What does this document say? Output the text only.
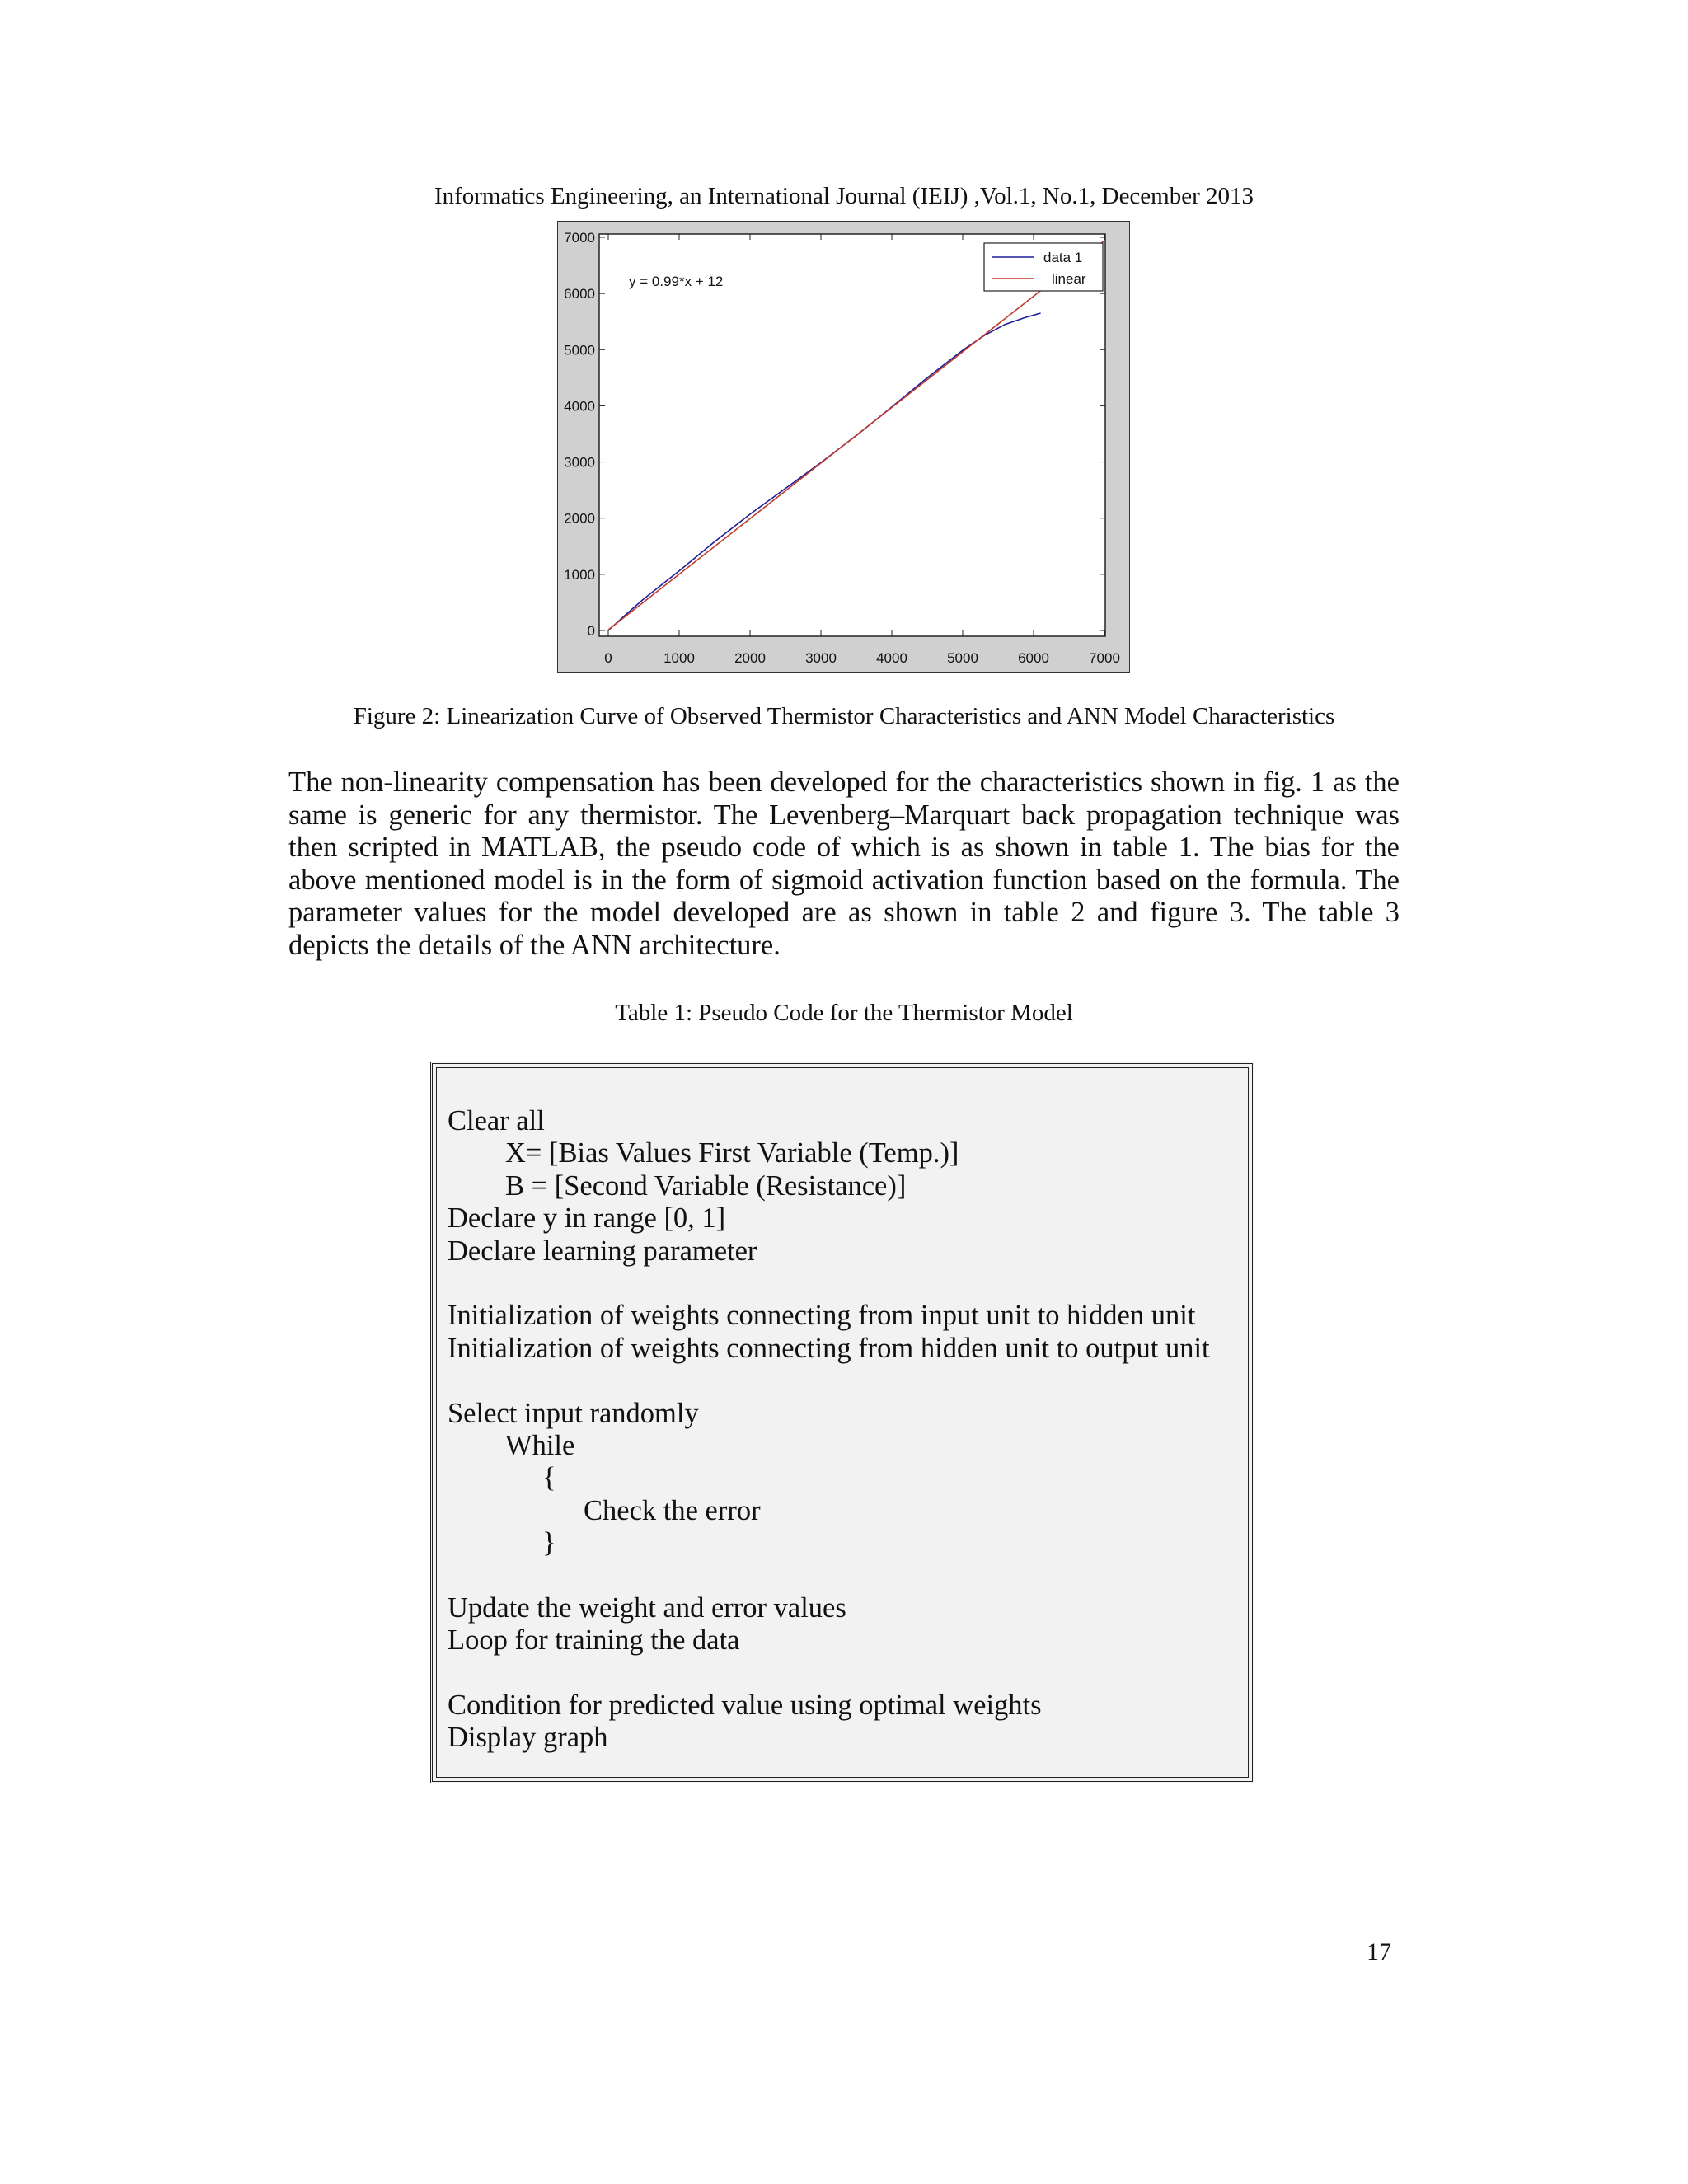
Informatics Engineering, an International Journal (IEIJ) ,Vol.1, No.1, December 2013
0	1000	2000	3000	4000	5000	6000	7000
0
1000
2000
3000
4000
5000
6000
7000
y = 0.99*x + 12
data 1
linear
Figure 2: Linearization Curve of Observed Thermistor Characteristics and ANN Model Characteristics

The non-linearity compensation has been developed for the characteristics shown in fig. 1 as the same is generic for any thermistor. The Levenberg–Marquart back propagation technique was then scripted in MATLAB, the pseudo code of which is as shown in table 1. The bias for the above mentioned model is in the form of sigmoid activation function based on the formula. The parameter values for the model developed are as shown in table 2 and figure 3. The table 3 depicts the details of the ANN architecture.

Table 1: Pseudo Code for the Thermistor Model
Clear all
X= [Bias Values First Variable (Temp.)]
B = [Second Variable (Resistance)]
Declare y in range [0, 1]
Declare learning parameter
Initialization of weights connecting from input unit to hidden unit
Initialization of weights connecting from hidden unit to output unit
Select input randomly
While
{
Check the error
}
Update the weight and error values
Loop for training the data
Condition for predicted value using optimal weights
Display graph
17
